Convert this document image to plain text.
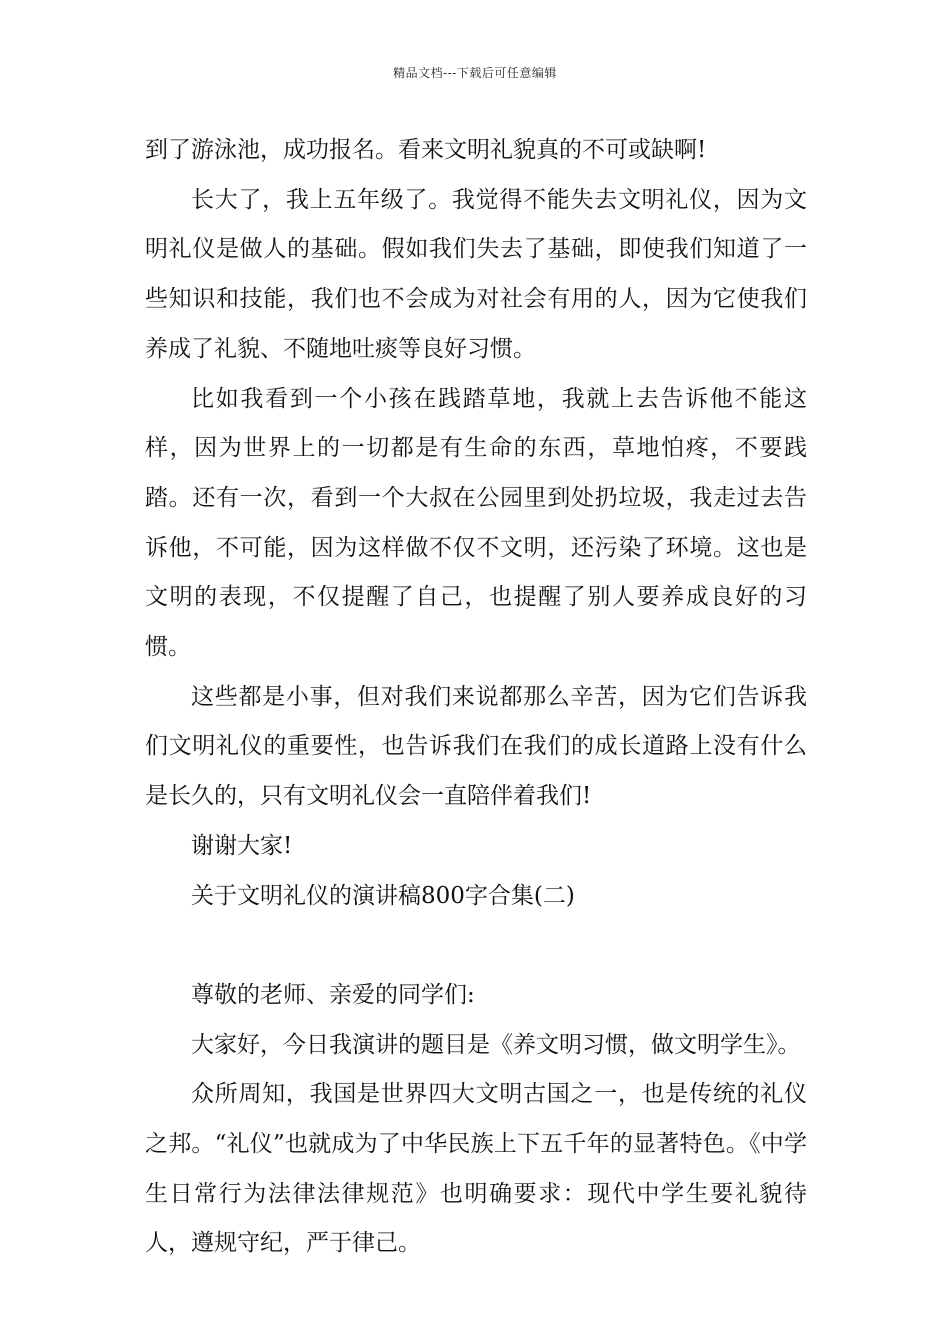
精品文档---下载后可任意编辑

到了游泳池，成功报名。看来文明礼貌真的不可或缺啊!

长大了，我上五年级了。我觉得不能失去文明礼仪，因为文明礼仪是做人的基础。假如我们失去了基础，即使我们知道了一些知识和技能，我们也不会成为对社会有用的人，因为它使我们养成了礼貌、不随地吐痰等良好习惯。

比如我看到一个小孩在践踏草地，我就上去告诉他不能这样，因为世界上的一切都是有生命的东西，草地怕疼，不要践踏。还有一次，看到一个大叔在公园里到处扔垃圾，我走过去告诉他，不可能，因为这样做不仅不文明，还污染了环境。这也是文明的表现，不仅提醒了自己，也提醒了别人要养成良好的习惯。

这些都是小事，但对我们来说都那么辛苦，因为它们告诉我们文明礼仪的重要性，也告诉我们在我们的成长道路上没有什么是长久的，只有文明礼仪会一直陪伴着我们!

谢谢大家!

关于文明礼仪的演讲稿800字合集(二)

尊敬的老师、亲爱的同学们:

大家好，今日我演讲的题目是《养文明习惯，做文明学生》。

众所周知，我国是世界四大文明古国之一，也是传统的礼仪之邦。“礼仪”也就成为了中华民族上下五千年的显著特色。《中学生日常行为法律法律规范》也明确要求：现代中学生要礼貌待人，遵规守纪，严于律己。
